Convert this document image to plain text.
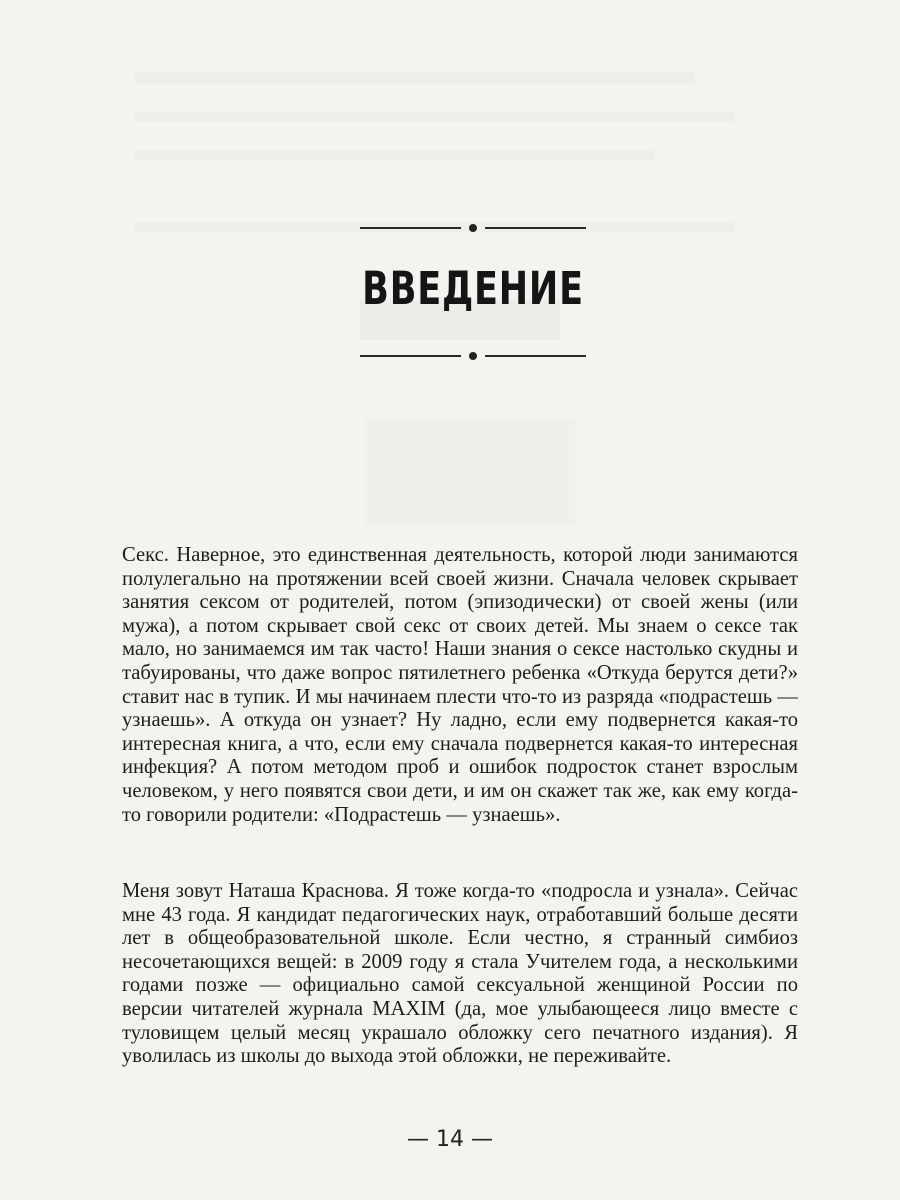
ВВЕДЕНИЕ

Секс. Наверное, это единственная деятельность, которой люди занимаются полулегально на протяжении всей своей жизни. Сначала человек скрывает занятия сексом от родителей, потом (эпизодически) от своей жены (или мужа), а потом скрывает свой секс от своих детей. Мы знаем о сексе так мало, но занимаемся им так часто! Наши знания о сексе настолько скудны и табуированы, что даже вопрос пятилетнего ребенка «Откуда берутся дети?» ставит нас в тупик. И мы начинаем плести что-то из разряда «подрастешь — узнаешь». А откуда он узнает? Ну ладно, если ему подвернется какая-то интересная книга, а что, если ему сначала подвернется какая-то интересная инфекция? А потом методом проб и ошибок подросток станет взрослым человеком, у него появятся свои дети, и им он скажет так же, как ему когда-то говорили родители: «Подрастешь — узнаешь».

Меня зовут Наташа Краснова. Я тоже когда-то «подросла и узнала». Сейчас мне 43 года. Я кандидат педагогических наук, отработавший больше десяти лет в общеобразовательной школе. Если честно, я странный симбиоз несочетающихся вещей: в 2009 году я стала Учителем года, а несколькими годами позже — официально самой сексуальной женщиной России по версии читателей журнала MAXIM (да, мое улыбающееся лицо вместе с туловищем целый месяц украшало обложку сего печатного издания). Я уволилась из школы до выхода этой обложки, не переживайте.

— 14 —
